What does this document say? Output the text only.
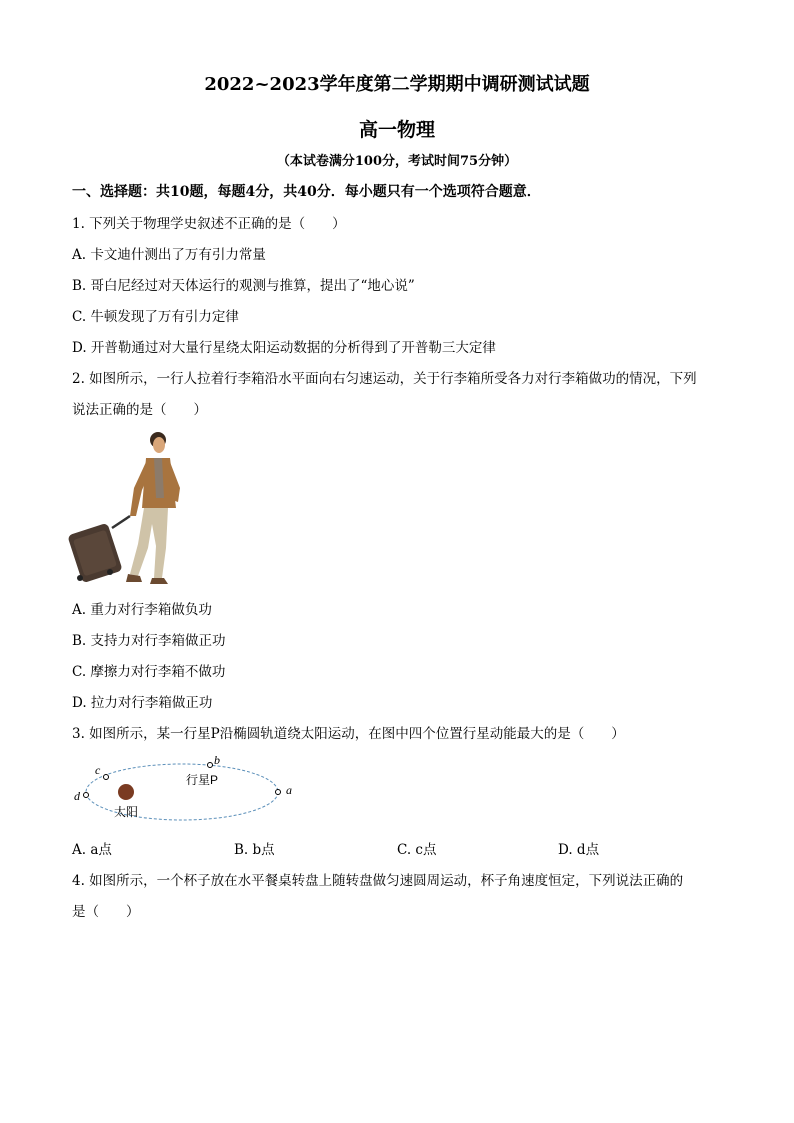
2022~2023学年度第二学期期中调研测试试题
高一物理
（本试卷满分100分，考试时间75分钟）
一、选择题：共10题，每题4分，共40分．每小题只有一个选项符合题意．
1. 下列关于物理学史叙述不正确的是（　　）
A. 卡文迪什测出了万有引力常量
B. 哥白尼经过对天体运行的观测与推算，提出了“地心说”
C. 牛顿发现了万有引力定律
D. 开普勒通过对大量行星绕太阳运动数据的分析得到了开普勒三大定律
2. 如图所示，一行人拉着行李箱沿水平面向右匀速运动，关于行李箱所受各力对行李箱做功的情况，下列
说法正确的是（　　）
A. 重力对行李箱做负功
B. 支持力对行李箱做正功
C. 摩擦力对行李箱不做功
D. 拉力对行李箱做正功
3. 如图所示，某一行星P沿椭圆轨道绕太阳运动，在图中四个位置行星动能最大的是（　　）
a
b
c
d
行星P
太阳
A. a点	B. b点	C. c点	D. d点
4. 如图所示，一个杯子放在水平餐桌转盘上随转盘做匀速圆周运动，杯子角速度恒定，下列说法正确的
是（　　）
